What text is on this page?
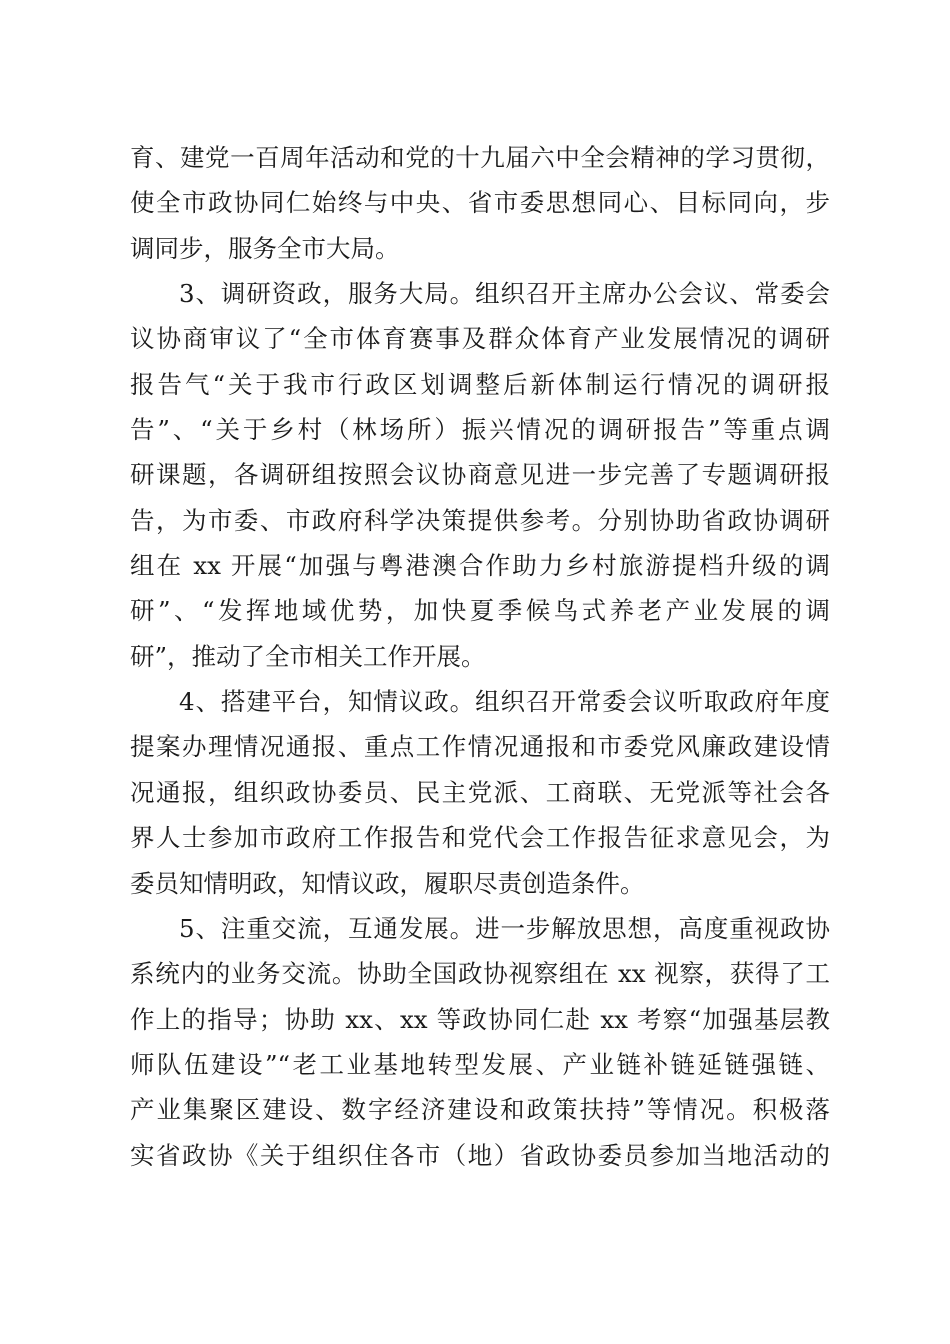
育、建党一百周年活动和党的十九届六中全会精神的学习贯彻，
使全市政协同仁始终与中央、省市委思想同心、目标同向，步
调同步，服务全市大局。
3、调研资政，服务大局。组织召开主席办公会议、常委会
议协商审议了“全市体育赛事及群众体育产业发展情况的调研
报告气“关于我市行政区划调整后新体制运行情况的调研报
告”、“关于乡村（林场所）振兴情况的调研报告”等重点调
研课题，各调研组按照会议协商意见进一步完善了专题调研报
告，为市委、市政府科学决策提供参考。分别协助省政协调研
组在 xx 开展“加强与粤港澳合作助力乡村旅游提档升级的调
研”、“发挥地域优势，加快夏季候鸟式养老产业发展的调
研”，推动了全市相关工作开展。
4、搭建平台，知情议政。组织召开常委会议听取政府年度
提案办理情况通报、重点工作情况通报和市委党风廉政建设情
况通报，组织政协委员、民主党派、工商联、无党派等社会各
界人士参加市政府工作报告和党代会工作报告征求意见会，为
委员知情明政，知情议政，履职尽责创造条件。
5、注重交流，互通发展。进一步解放思想，高度重视政协
系统内的业务交流。协助全国政协视察组在 xx 视察，获得了工
作上的指导；协助 xx、xx 等政协同仁赴 xx 考察“加强基层教
师队伍建设”“老工业基地转型发展、产业链补链延链强链、
产业集聚区建设、数字经济建设和政策扶持”等情况。积极落
实省政协《关于组织住各市（地）省政协委员参加当地活动的
